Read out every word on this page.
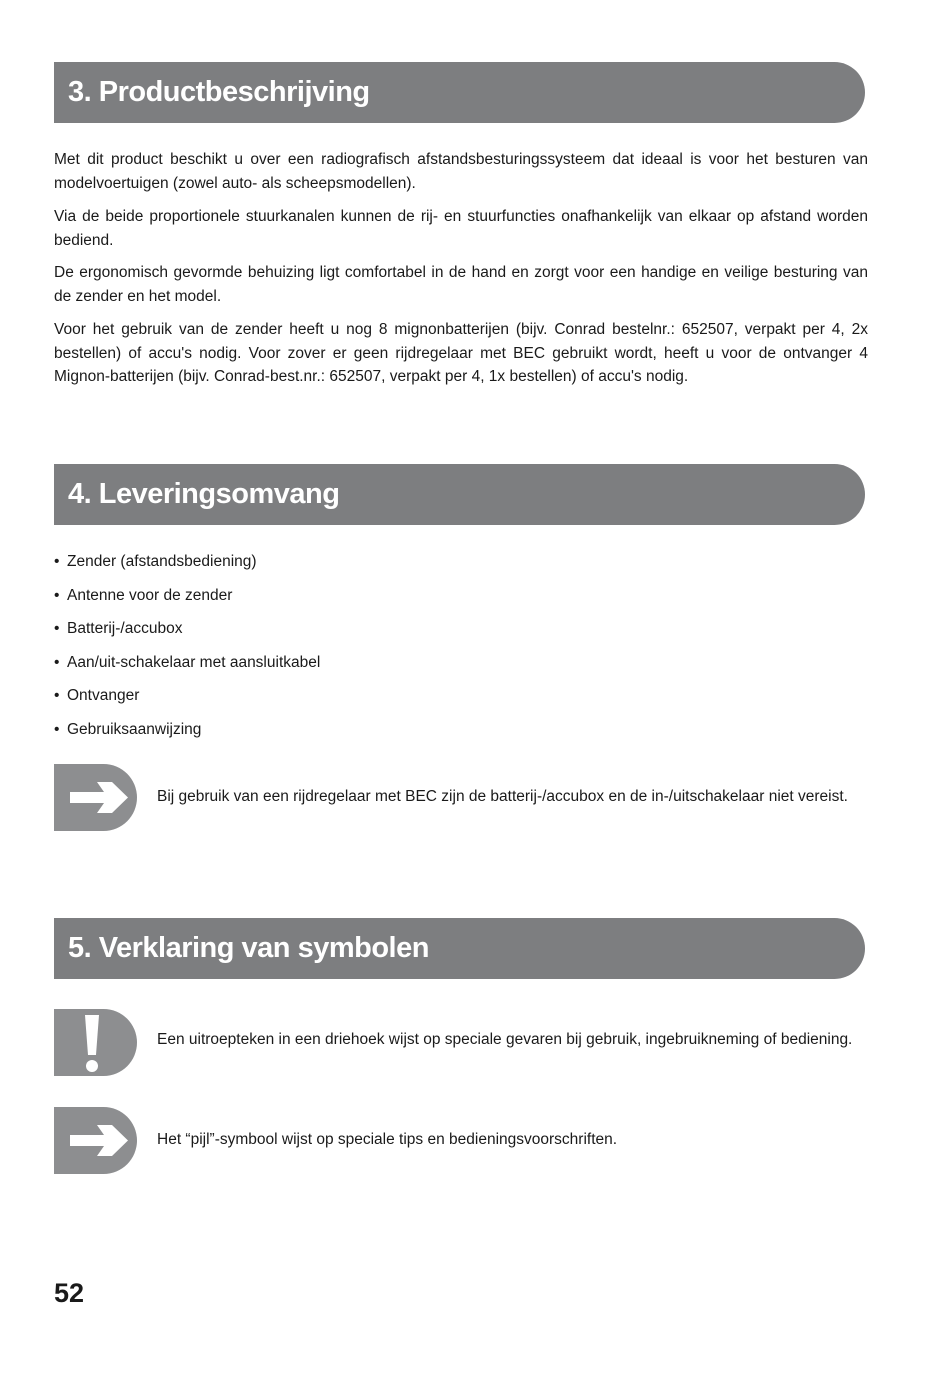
3. Productbeschrijving

Met dit product beschikt u over een radiografisch afstandsbesturingssysteem dat ideaal is voor het besturen van modelvoertuigen (zowel auto- als scheepsmodellen).

Via de beide proportionele stuurkanalen kunnen de rij- en stuurfuncties onafhankelijk van elkaar op afstand worden bediend.

De ergonomisch gevormde behuizing ligt comfortabel in de hand en zorgt voor een handige en veilige besturing van de zender en het model.

Voor het gebruik van de zender heeft u nog 8 mignonbatterijen (bijv. Conrad bestelnr.: 652507, verpakt per 4, 2x bestellen) of accu's nodig. Voor zover er geen rijdregelaar met BEC gebruikt wordt, heeft u voor de ontvanger 4 Mignon-batterijen (bijv. Conrad-best.nr.: 652507, verpakt per 4, 1x bestellen) of accu's nodig.

4. Leveringsomvang
• Zender (afstandsbediening)
• Antenne voor de zender
• Batterij-/accubox
• Aan/uit-schakelaar met aansluitkabel
• Ontvanger
• Gebruiksaanwijzing

Bij gebruik van een rijdregelaar met BEC zijn de batterij-/accubox en de in-/uitschakelaar niet vereist.

5. Verklaring van symbolen

Een uitroepteken in een driehoek wijst op speciale gevaren bij gebruik, ingebruikneming of bediening.

Het “pijl”-symbool wijst op speciale tips en bedieningsvoorschriften.

52
